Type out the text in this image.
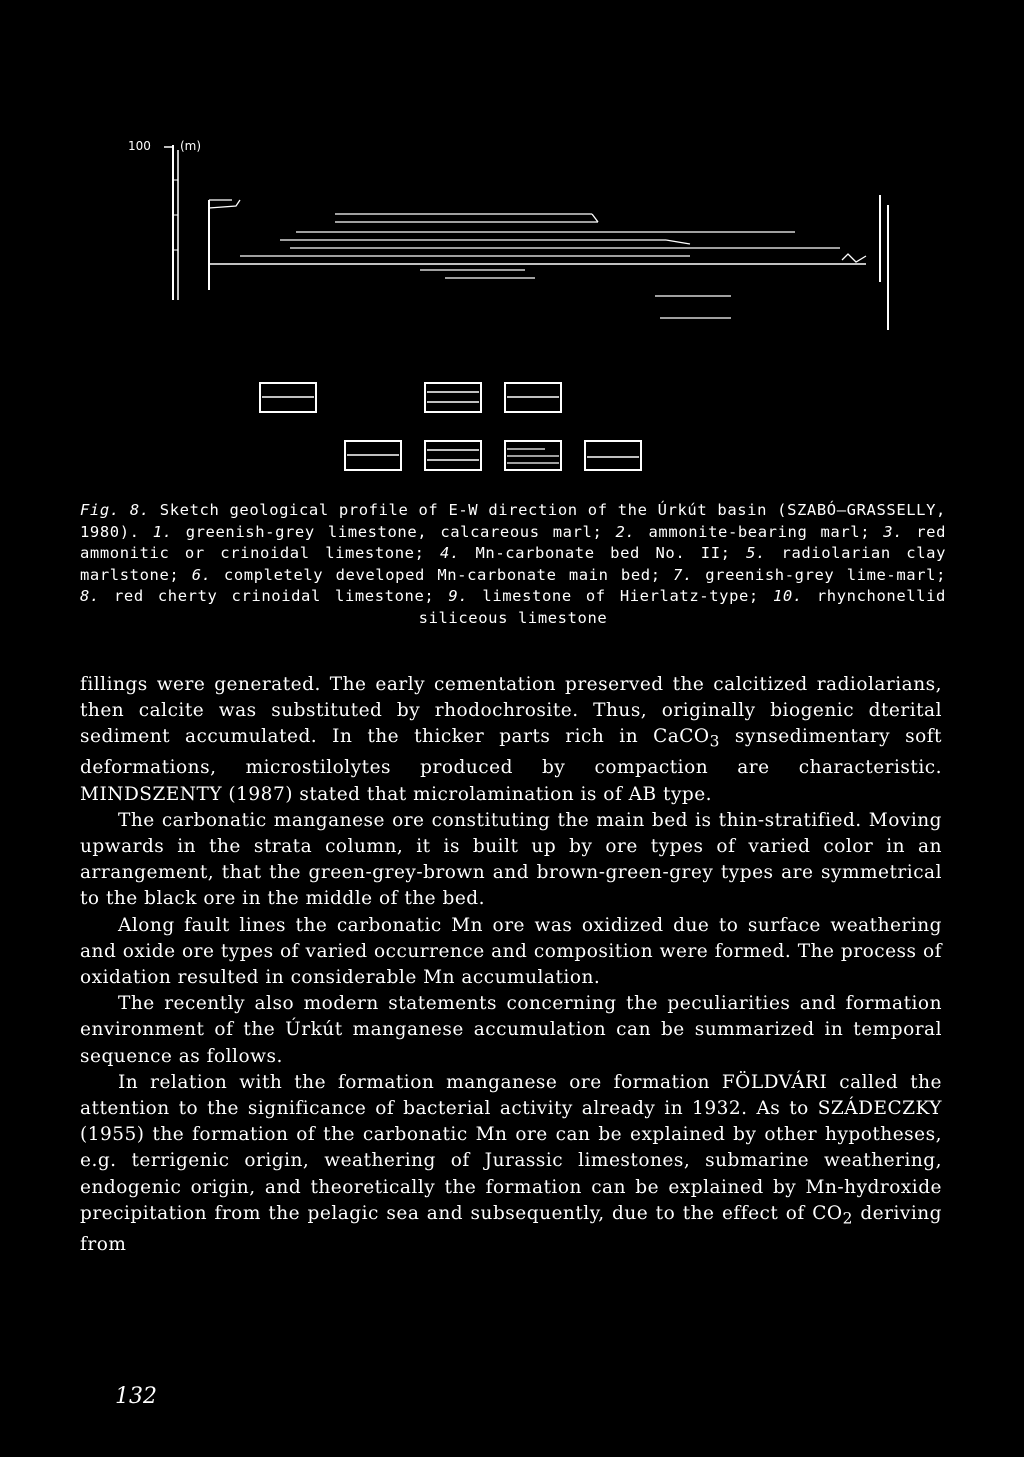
100 (m)

Fig. 8. Sketch geological profile of E-W direction of the Úrkút basin (SZABÓ—GRASSELLY, 1980). 1. greenish-grey limestone, calcareous marl; 2. ammonite-bearing marl; 3. red ammonitic or crinoidal limestone; 4. Mn-carbonate bed No. II; 5. radiolarian clay marlstone; 6. completely developed Mn-carbonate main bed; 7. greenish-grey lime-marl; 8. red cherty crinoidal limestone; 9. limestone of Hierlatz-type; 10. rhynchonellid siliceous limestone

fillings were generated. The early cementation preserved the calcitized radiolarians, then calcite was substituted by rhodochrosite. Thus, originally biogenic dterital sediment accumulated. In the thicker parts rich in CaCO$_3$ synsedimentary soft deformations, microstilolytes produced by compaction are characteristic. MINDSZENTY (1987) stated that microlamination is of AB type.

The carbonatic manganese ore constituting the main bed is thin-stratified. Moving upwards in the strata column, it is built up by ore types of varied color in an arrangement, that the green-grey-brown and brown-green-grey types are symmetrical to the black ore in the middle of the bed.

Along fault lines the carbonatic Mn ore was oxidized due to surface weathering and oxide ore types of varied occurrence and composition were formed. The process of oxidation resulted in considerable Mn accumulation.

The recently also modern statements concerning the peculiarities and formation environment of the Úrkút manganese accumulation can be summarized in temporal sequence as follows.

In relation with the formation manganese ore formation FÖLDVÁRI called the attention to the significance of bacterial activity already in 1932. As to SZÁDECZKY (1955) the formation of the carbonatic Mn ore can be explained by other hypotheses, e.g. terrigenic origin, weathering of Jurassic limestones, submarine weathering, endogenic origin, and theoretically the formation can be explained by Mn-hydroxide precipitation from the pelagic sea and subsequently, due to the effect of $CO_2$ deriving from

132
